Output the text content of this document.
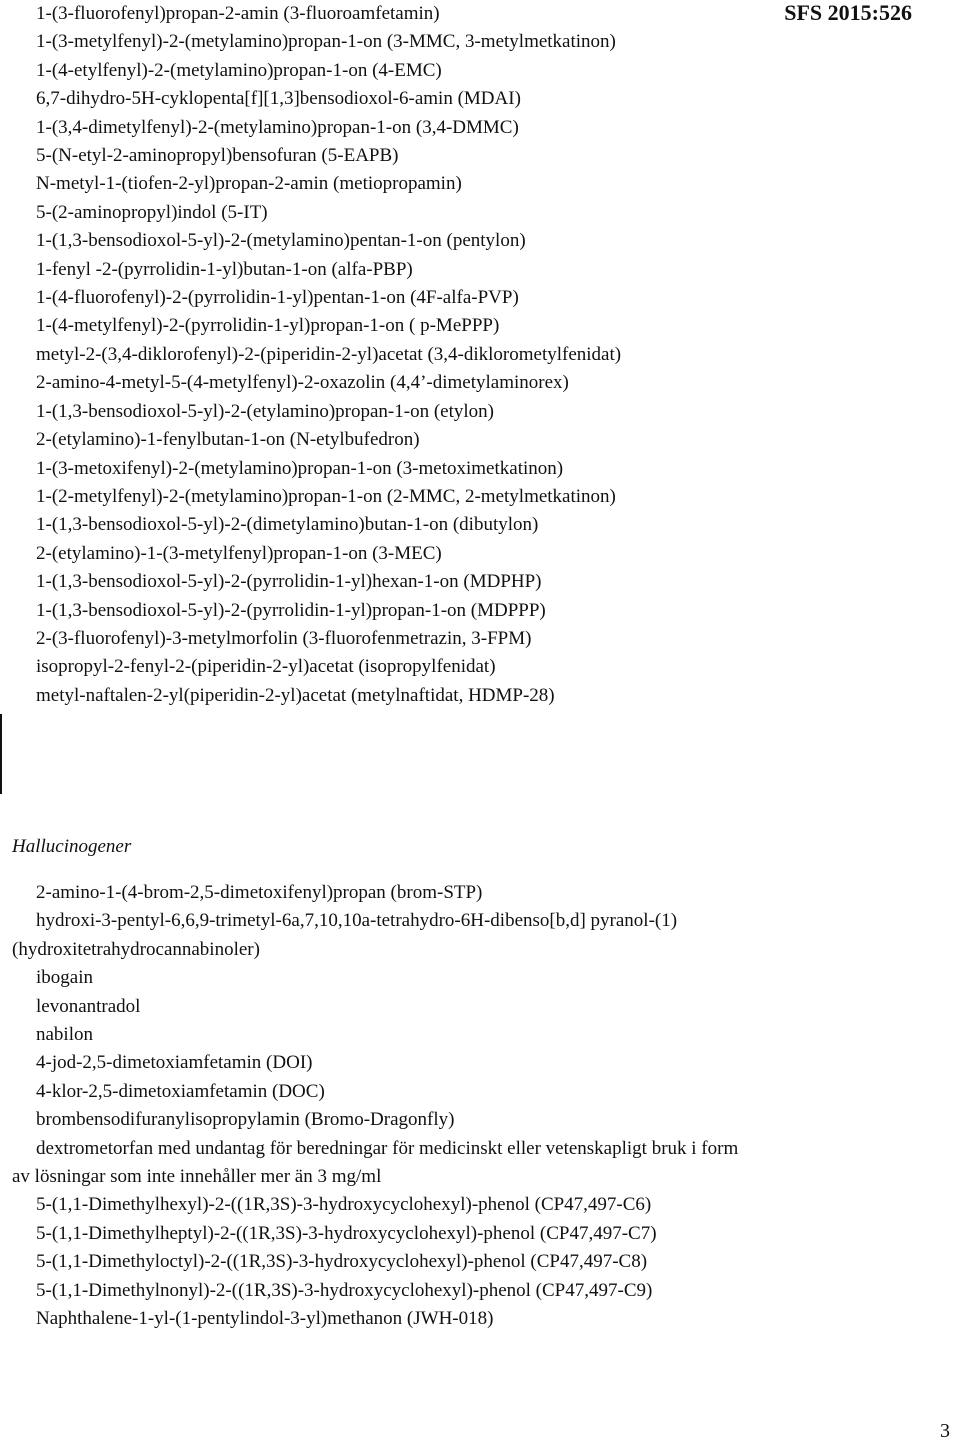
SFS 2015:526

1-(3-fluorofenyl)propan-2-amin (3-fluoroamfetamin)

1-(3-metylfenyl)-2-(metylamino)propan-1-on (3-MMC, 3-metylmetkatinon)

1-(4-etylfenyl)-2-(metylamino)propan-1-on (4-EMC)

6,7-dihydro-5H-cyklopenta[f][1,3]bensodioxol-6-amin (MDAI)

1-(3,4-dimetylfenyl)-2-(metylamino)propan-1-on (3,4-DMMC)

5-(N-etyl-2-aminopropyl)bensofuran (5-EAPB)

N-metyl-1-(tiofen-2-yl)propan-2-amin (metiopropamin)

5-(2-aminopropyl)indol (5-IT)

1-(1,3-bensodioxol-5-yl)-2-(metylamino)pentan-1-on (pentylon)

1-fenyl -2-(pyrrolidin-1-yl)butan-1-on (alfa-PBP)

1-(4-fluorofenyl)-2-(pyrrolidin-1-yl)pentan-1-on (4F-alfa-PVP)

1-(4-metylfenyl)-2-(pyrrolidin-1-yl)propan-1-on ( p-MePPP)

metyl-2-(3,4-diklorofenyl)-2-(piperidin-2-yl)acetat (3,4-diklorometylfenidat)

2-amino-4-metyl-5-(4-metylfenyl)-2-oxazolin (4,4’-dimetylaminorex)

1-(1,3-bensodioxol-5-yl)-2-(etylamino)propan-1-on (etylon)

2-(etylamino)-1-fenylbutan-1-on (N-etylbufedron)

1-(3-metoxifenyl)-2-(metylamino)propan-1-on (3-metoximetkatinon)

1-(2-metylfenyl)-2-(metylamino)propan-1-on (2-MMC, 2-metylmetkatinon)

1-(1,3-bensodioxol-5-yl)-2-(dimetylamino)butan-1-on (dibutylon)

2-(etylamino)-1-(3-metylfenyl)propan-1-on (3-MEC)

1-(1,3-bensodioxol-5-yl)-2-(pyrrolidin-1-yl)hexan-1-on (MDPHP)

1-(1,3-bensodioxol-5-yl)-2-(pyrrolidin-1-yl)propan-1-on (MDPPP)

2-(3-fluorofenyl)-3-metylmorfolin (3-fluorofenmetrazin, 3-FPM)

isopropyl-2-fenyl-2-(piperidin-2-yl)acetat (isopropylfenidat)

metyl-naftalen-2-yl(piperidin-2-yl)acetat (metylnaftidat, HDMP-28)

Hallucinogener

2-amino-1-(4-brom-2,5-dimetoxifenyl)propan (brom-STP)

hydroxi-3-pentyl-6,6,9-trimetyl-6a,7,10,10a-tetrahydro-6H-dibenso[b,d] pyranol-(1) (hydroxitetrahydrocannabinoler)

ibogain

levonantradol

nabilon

4-jod-2,5-dimetoxiamfetamin (DOI)

4-klor-2,5-dimetoxiamfetamin (DOC)

brombensodifuranylisopropylamin (Bromo-Dragonfly)

dextrometorfan med undantag för beredningar för medicinskt eller vetenskapligt bruk i form av lösningar som inte innehåller mer än 3 mg/ml

5-(1,1-Dimethylhexyl)-2-((1R,3S)-3-hydroxycyclohexyl)-phenol (CP47,497-C6)

5-(1,1-Dimethylheptyl)-2-((1R,3S)-3-hydroxycyclohexyl)-phenol (CP47,497-C7)

5-(1,1-Dimethyloctyl)-2-((1R,3S)-3-hydroxycyclohexyl)-phenol (CP47,497-C8)

5-(1,1-Dimethylnonyl)-2-((1R,3S)-3-hydroxycyclohexyl)-phenol (CP47,497-C9)

Naphthalene-1-yl-(1-pentylindol-3-yl)methanon (JWH-018)

3
